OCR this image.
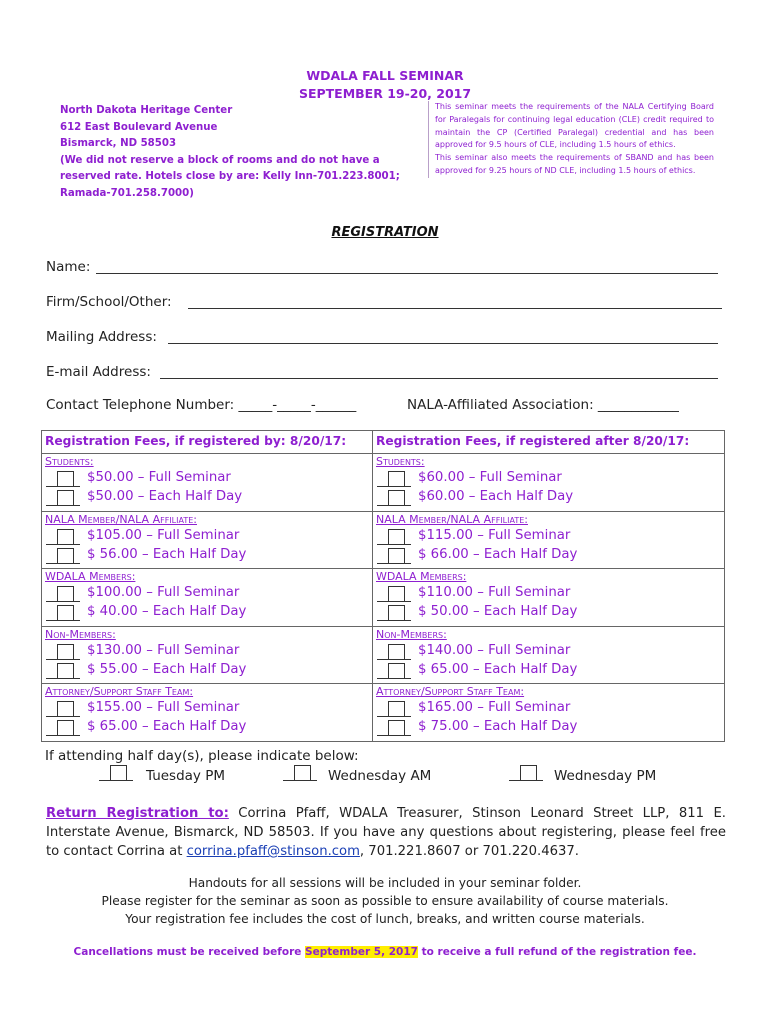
WDALA FALL SEMINAR
SEPTEMBER 19-20, 2017
North Dakota Heritage Center
612 East Boulevard Avenue
Bismarck, ND 58503
(We did not reserve a block of rooms and do not have a
reserved rate. Hotels close by are: Kelly Inn-701.223.8001;
Ramada-701.258.7000)
This seminar meets the requirements of the NALA Certifying Board for Paralegals for continuing legal education (CLE) credit required to maintain the CP (Certified Paralegal) credential and has been approved for 9.5 hours of CLE, including 1.5 hours of ethics.
This seminar also meets the requirements of SBAND and has been approved for 9.25 hours of ND CLE, including 1.5 hours of ethics.
REGISTRATION
Name:
Firm/School/Other:
Mailing Address:
E-mail Address:
Contact Telephone Number: _____-_____-______	NALA-Affiliated Association: ____________
Registration Fees, if registered by: 8/20/17: Registration Fees, if registered after 8/20/17:
Students:
$50.00 – Full Seminar
$50.00 – Each Half Day
Students:
$60.00 – Full Seminar
$60.00 – Each Half Day
NALA Member/NALA Affiliate:
$105.00 – Full Seminar
$ 56.00 – Each Half Day
NALA Member/NALA Affiliate:
$115.00 – Full Seminar
$ 66.00 – Each Half Day
WDALA Members:
$100.00 – Full Seminar
$ 40.00 – Each Half Day
WDALA Members:
$110.00 – Full Seminar
$ 50.00 – Each Half Day
Non-Members:
$130.00 – Full Seminar
$ 55.00 – Each Half Day
Non-Members:
$140.00 – Full Seminar
$ 65.00 – Each Half Day
Attorney/Support Staff Team:
$155.00 – Full Seminar
$ 65.00 – Each Half Day
Attorney/Support Staff Team:
$165.00 – Full Seminar
$ 75.00 – Each Half Day
If attending half day(s), please indicate below:
Tuesday PM	Wednesday AM	Wednesday PM
Return Registration to: Corrina Pfaff, WDALA Treasurer, Stinson Leonard Street LLP, 811 E. Interstate Avenue, Bismarck, ND 58503. If you have any questions about registering, please feel free to contact Corrina at corrina.pfaff@stinson.com, 701.221.8607 or 701.220.4637.
Handouts for all sessions will be included in your seminar folder.
Please register for the seminar as soon as possible to ensure availability of course materials.
Your registration fee includes the cost of lunch, breaks, and written course materials.
Cancellations must be received before September 5, 2017 to receive a full refund of the registration fee.
